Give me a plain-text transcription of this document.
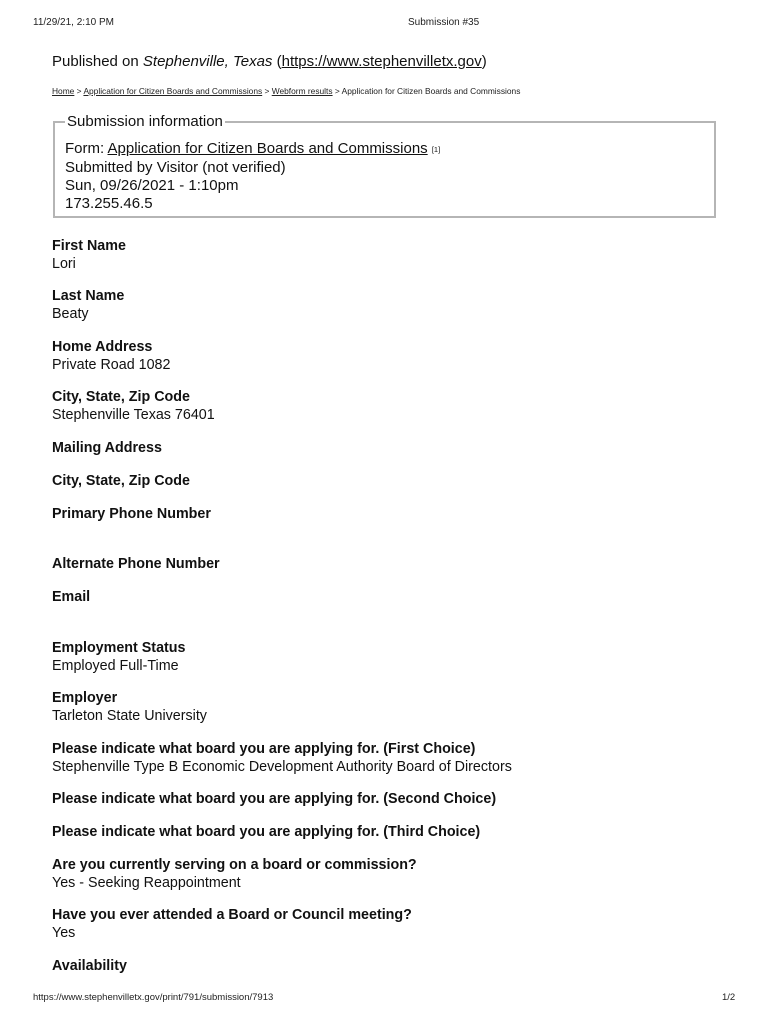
11/29/21, 2:10 PM	Submission #35
Published on Stephenville, Texas (https://www.stephenvilletx.gov)
Home > Application for Citizen Boards and Commissions > Webform results > Application for Citizen Boards and Commissions
Submission information
Form: Application for Citizen Boards and Commissions [1]
Submitted by Visitor (not verified)
Sun, 09/26/2021 - 1:10pm
173.255.46.5
First Name
Lori
Last Name
Beaty
Home Address
Private Road 1082
City, State, Zip Code
Stephenville Texas 76401
Mailing Address
City, State, Zip Code
Primary Phone Number
Alternate Phone Number
Email
Employment Status
Employed Full-Time
Employer
Tarleton State University
Please indicate what board you are applying for. (First Choice)
Stephenville Type B Economic Development Authority Board of Directors
Please indicate what board you are applying for. (Second Choice)
Please indicate what board you are applying for. (Third Choice)
Are you currently serving on a board or commission?
Yes - Seeking Reappointment
Have you ever attended a Board or Council meeting?
Yes
Availability
https://www.stephenvilletx.gov/print/791/submission/7913	1/2
